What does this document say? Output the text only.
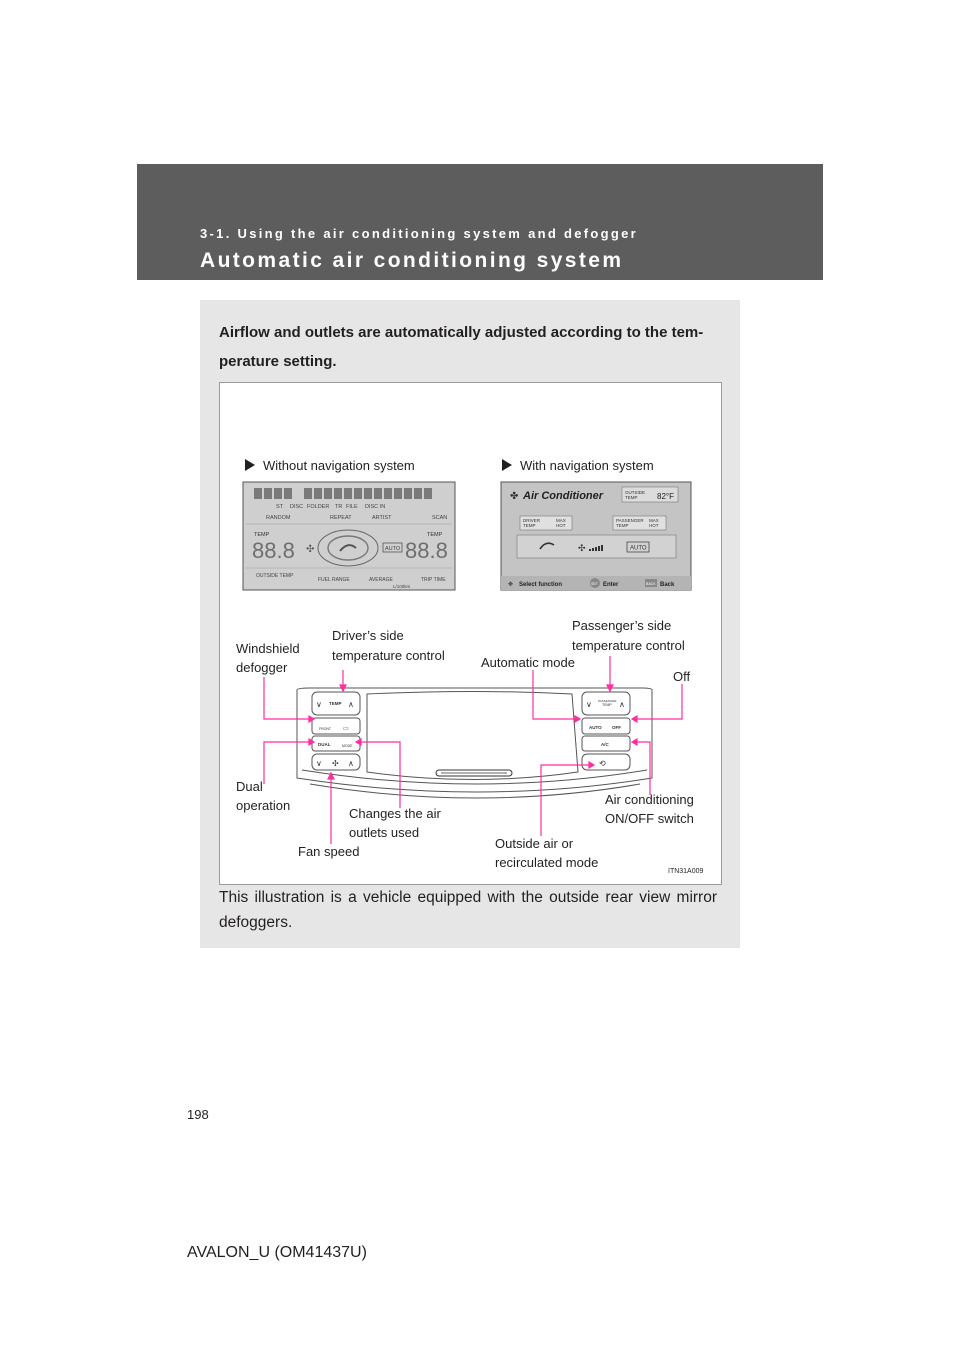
3-1. Using the air conditioning system and defogger
Automatic air conditioning system
Airflow and outlets are automatically adjusted according to the tem-perature setting.
Without navigation system	With navigation system
ST DISC FOLDER TR FILE DISC IN
RANDOM	REPEAT	ARTIST	SCAN
TEMP	TEMP
88.8	88.8
✣	AUTO
OUTSIDE TEMP
FUEL RANGE	AVERAGE	TRIP TIME
L/100km
✤ Air Conditioner	OUTSIDE
TEMP 82°F
DRIVER
TEMP
MAX
HOT
PASSENGER
TEMP
MAX
HOT
✣	AUTO
✥ Select function	SET Enter	BACK Back
∨ TEMP ∧
FRONT ▭
DUAL	MODE
∨ ✣ ∧
∨ PASSENGER
TEMP ∧
AUTO OFF
A/C
⟲
Windshield
defogger
Driver’s side
temperature control	Automatic mode
Passenger’s side
temperature control
Off
Dual
operation
Changes the air
outlets used
Fan speed
Outside air or
recirculated mode
Air conditioning
ON/OFF switch
ITN31A009
This illustration is a vehicle equipped with the outside rear view mirror defoggers.
198
AVALON_U (OM41437U)
